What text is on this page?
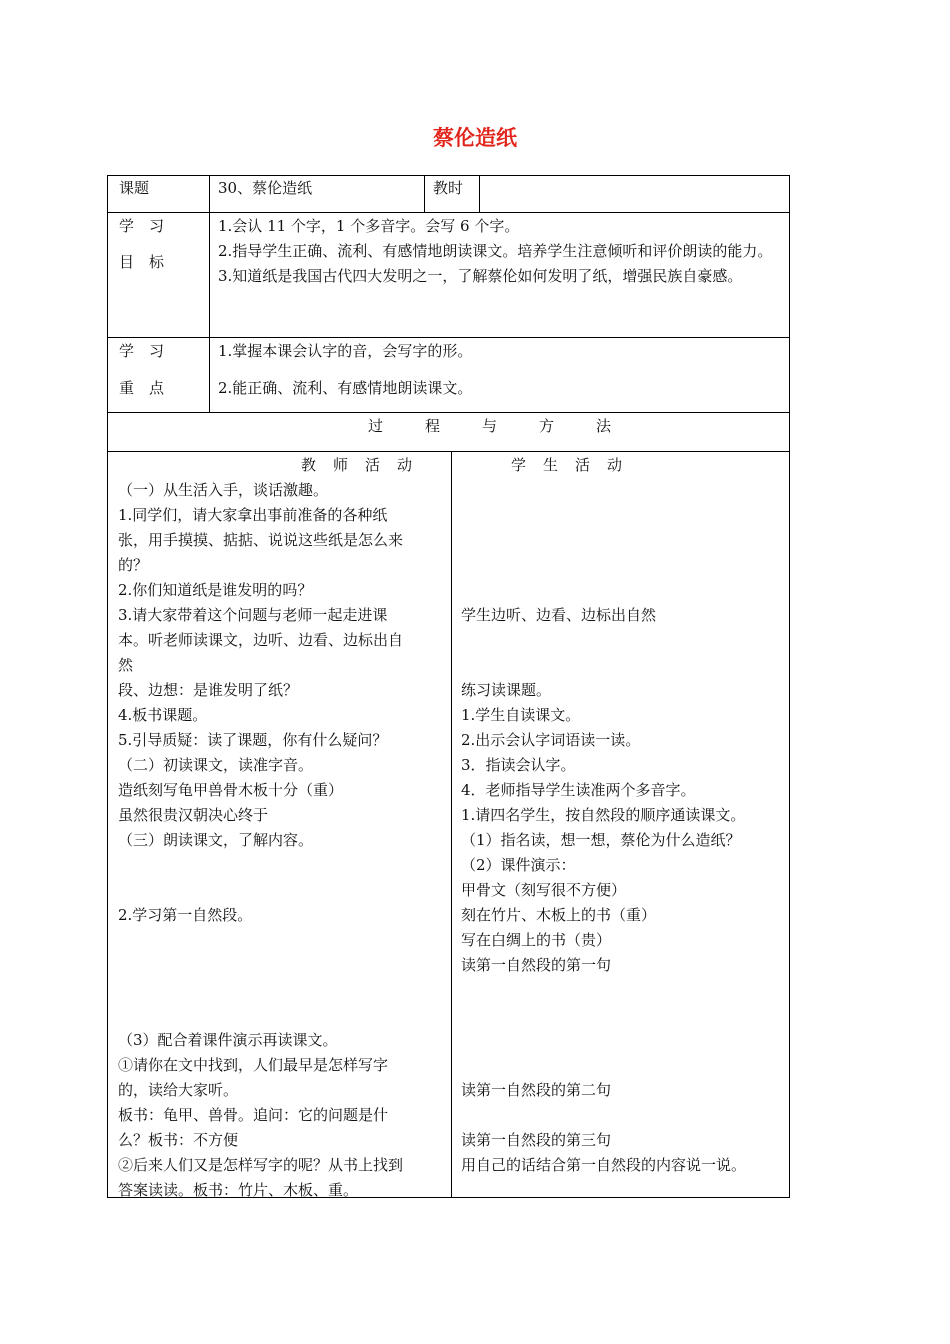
蔡伦造纸
课题	30、蔡伦造纸	教时
学　习
目　标
1.会认 11 个字，1 个多音字。会写 6 个字。
2.指导学生正确、流利、有感情地朗读课文。培养学生注意倾听和评价朗读的能力。
3.知道纸是我国古代四大发明之一，了解蔡伦如何发明了纸，增强民族自豪感。
学　习
重　点
1.掌握本课会认字的音，会写字的形。
2.能正确、流利、有感情地朗读课文。
过程与方法
教师活动
（一）从生活入手，谈话激趣。
1.同学们，请大家拿出事前准备的各种纸
张，用手摸摸、掂掂、说说这些纸是怎么来
的？
2.你们知道纸是谁发明的吗？
3.请大家带着这个问题与老师一起走进课
本。听老师读课文，边听、边看、边标出自
然
段、边想：是谁发明了纸？
4.板书课题。
5.引导质疑：读了课题，你有什么疑问？
（二）初读课文，读准字音。
造纸刻写龟甲兽骨木板十分（重）
虽然很贵汉朝决心终于
（三）朗读课文，了解内容。
2.学习第一自然段。
（3）配合着课件演示再读课文。
①请你在文中找到，人们最早是怎样写字
的，读给大家听。
板书：龟甲、兽骨。追问：它的问题是什
么？板书：不方便
②后来人们又是怎样写字的呢？从书上找到
答案读读。板书：竹片、木板、重。
学生活动
学生边听、边看、边标出自然
练习读课题。
1.学生自读课文。
2.出示会认字词语读一读。
3．指读会认字。
4．老师指导学生读准两个多音字。
1.请四名学生，按自然段的顺序通读课文。
（1）指名读，想一想，蔡伦为什么造纸？
（2）课件演示：
甲骨文（刻写很不方便）
刻在竹片、木板上的书（重）
写在白绸上的书（贵）
读第一自然段的第一句
读第一自然段的第二句
读第一自然段的第三句
用自己的话结合第一自然段的内容说一说。
